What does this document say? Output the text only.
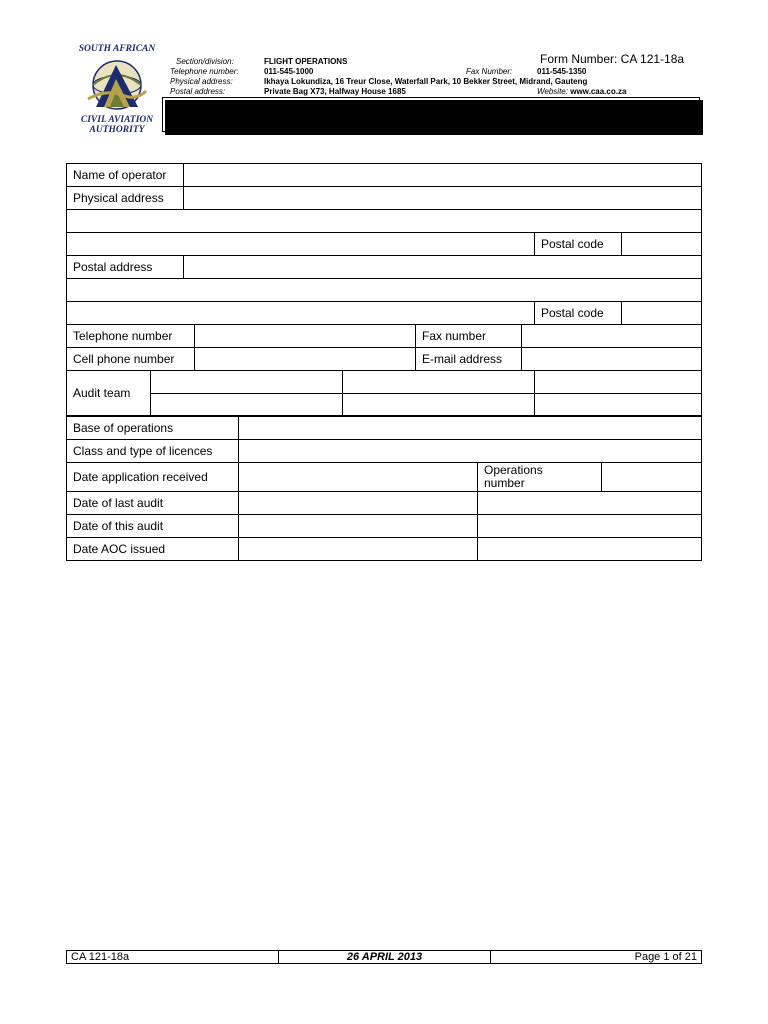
SOUTH AFRICAN
CIVIL AVIATION
AUTHORITY
Section/division:	FLIGHT OPERATIONS	Form Number: CA 121-18a
Telephone number:	011-545-1000	Fax Number:	011-545-1350
Physical address:	Ikhaya Lokundiza, 16 Treur Close, Waterfall Park, 10 Bekker Street, Midrand, Gauteng
Postal address:	Private Bag X73, Halfway House 1685	Website: www.caa.co.za
AUDIT & INSPECTION CHECKLIST:
OPERATORS (PART 121)
Name of operator
Physical address
Postal code
Postal address
Postal code
Telephone number	Fax number
Cell phone number	E-mail address
Audit team
Base of operations
Class and type of licences
Date application received	Operations number
Date of last audit
Date of this audit
Date AOC issued
CA 121-18a	26 APRIL 2013	Page 1 of 21
